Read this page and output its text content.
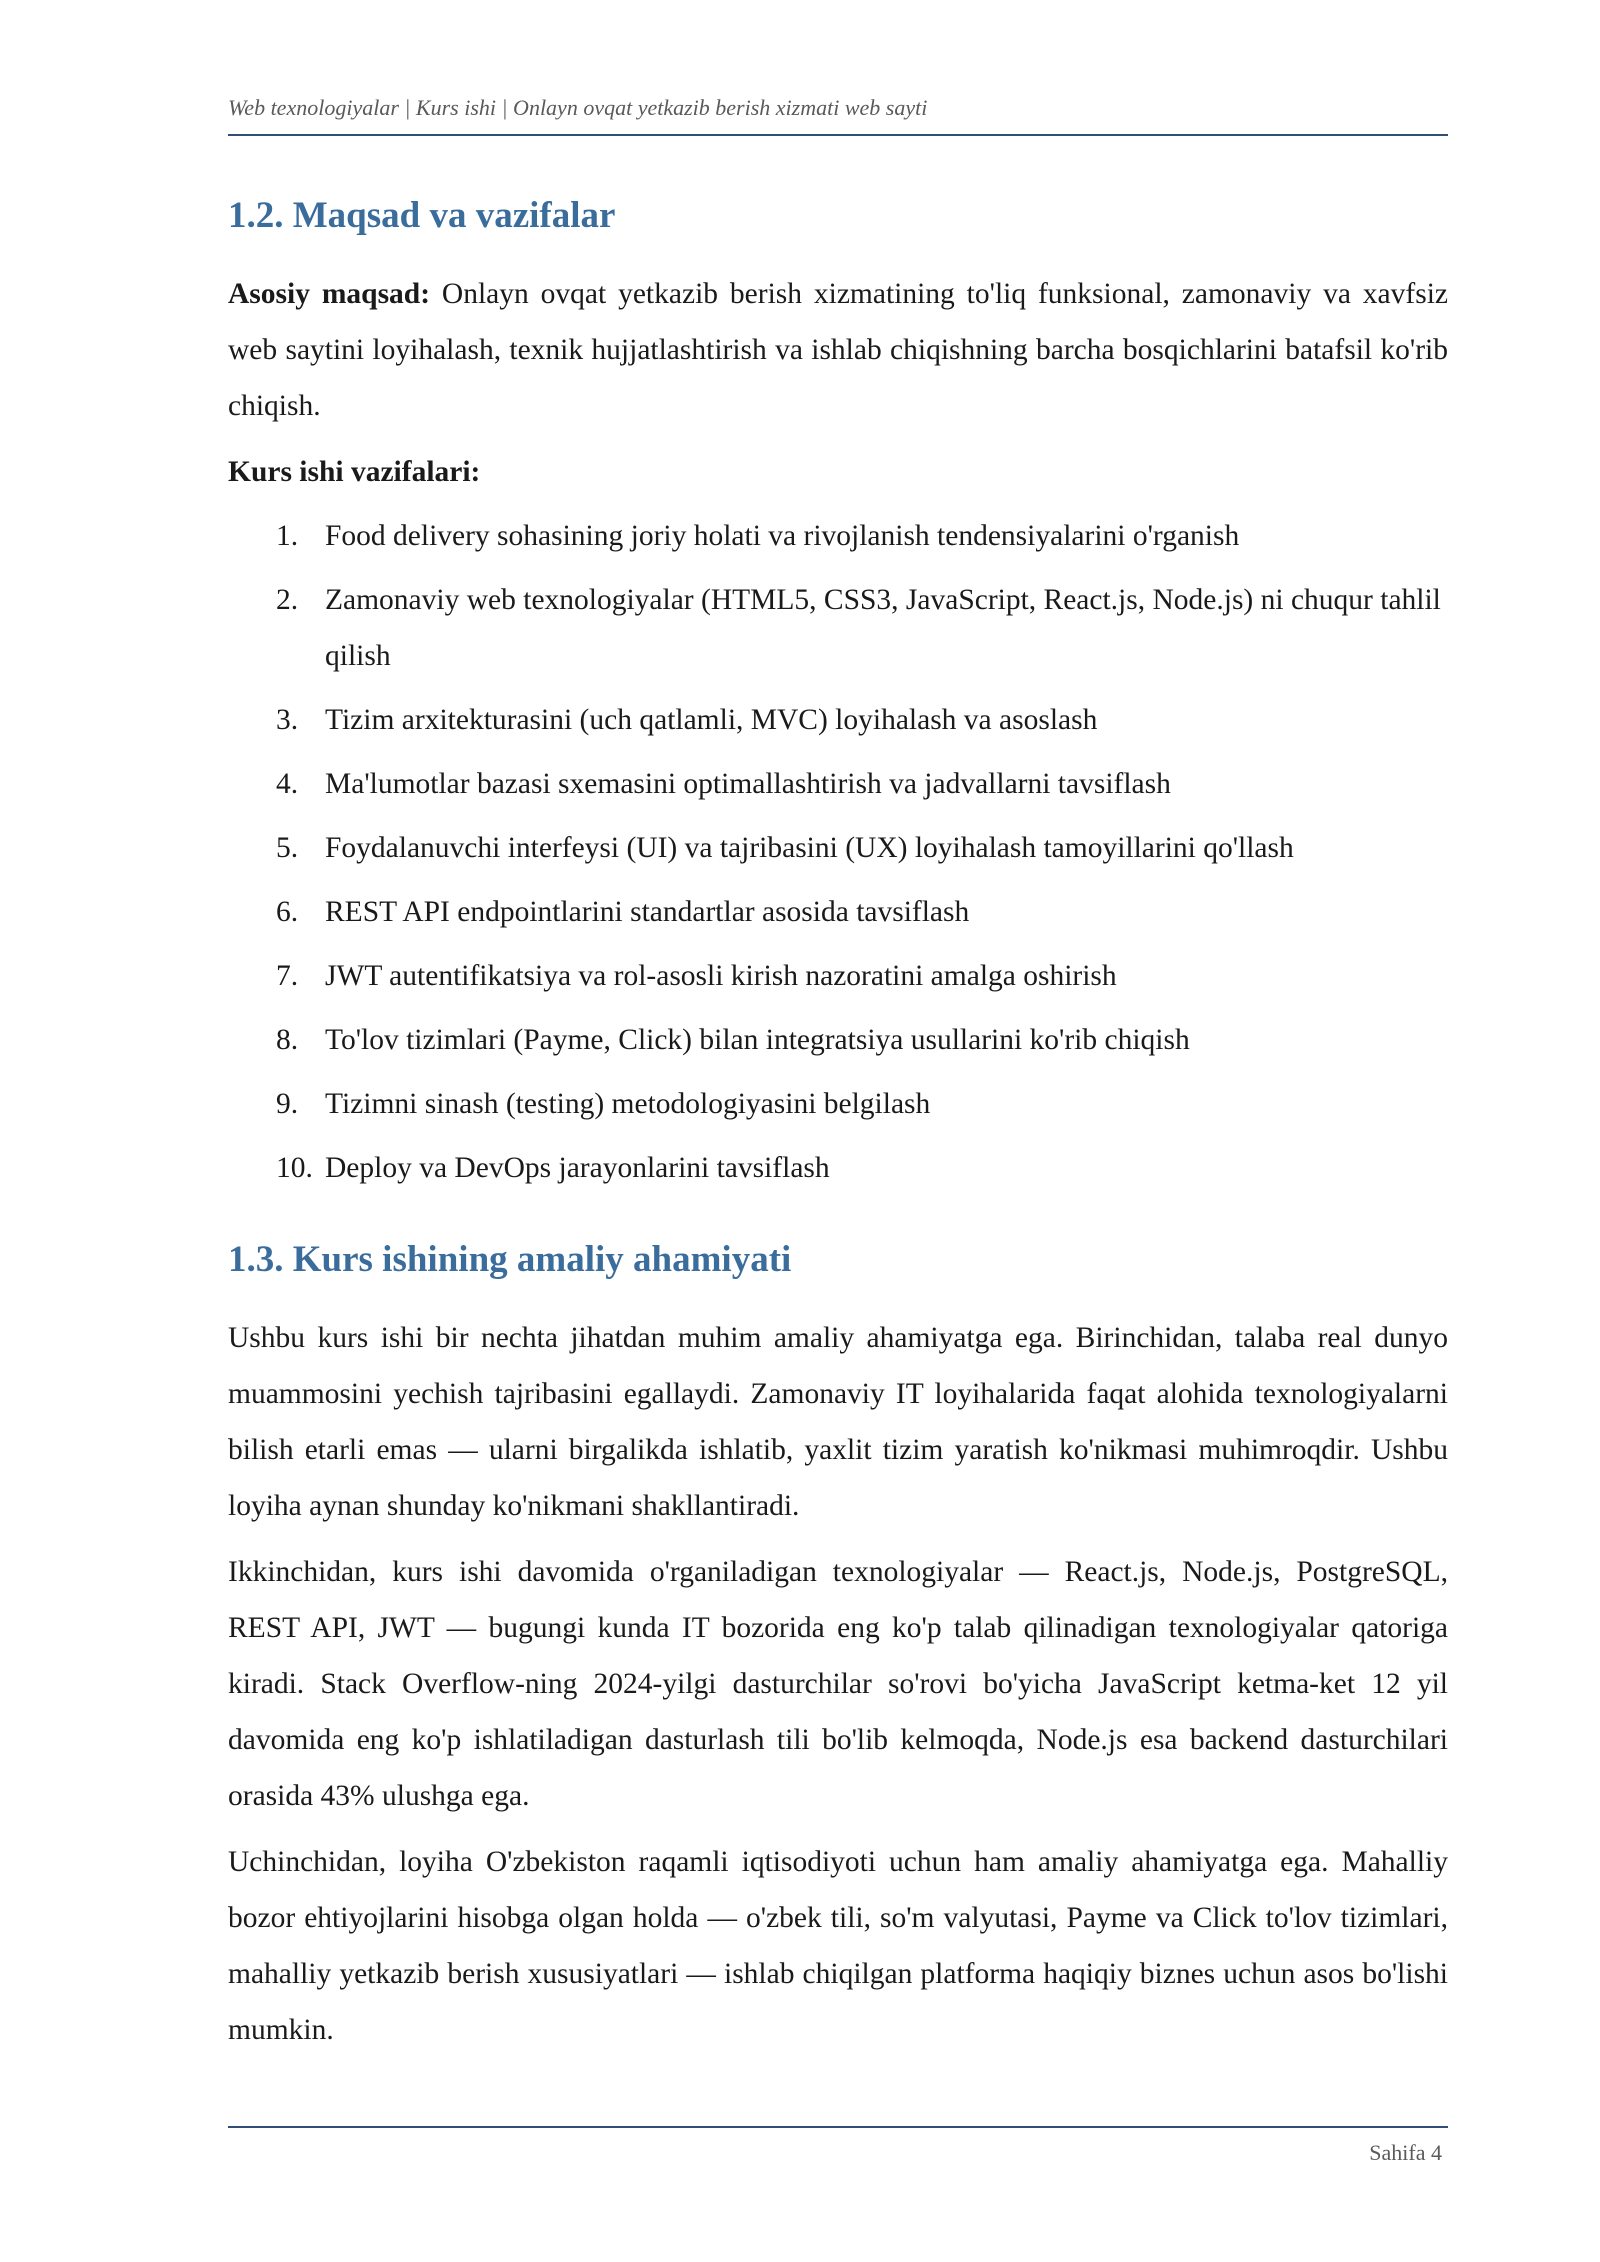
Web texnologiyalar | Kurs ishi | Onlayn ovqat yetkazib berish xizmati web sayti
1.2. Maqsad va vazifalar

Asosiy maqsad: Onlayn ovqat yetkazib berish xizmatining to'liq funksional, zamonaviy va xavfsiz web saytini loyihalash, texnik hujjatlashtirish va ishlab chiqishning barcha bosqichlarini batafsil ko'rib chiqish.

Kurs ishi vazifalari:
1. Food delivery sohasining joriy holati va rivojlanish tendensiyalarini o'rganish
2. Zamonaviy web texnologiyalar (HTML5, CSS3, JavaScript, React.js, Node.js) ni chuqur tahlil qilish
3. Tizim arxitekturasini (uch qatlamli, MVC) loyihalash va asoslash
4. Ma'lumotlar bazasi sxemasini optimallashtirish va jadvallarni tavsiflash
5. Foydalanuvchi interfeysi (UI) va tajribasini (UX) loyihalash tamoyillarini qo'llash
6. REST API endpointlarini standartlar asosida tavsiflash
7. JWT autentifikatsiya va rol-asosli kirish nazoratini amalga oshirish
8. To'lov tizimlari (Payme, Click) bilan integratsiya usullarini ko'rib chiqish
9. Tizimni sinash (testing) metodologiyasini belgilash
10. Deploy va DevOps jarayonlarini tavsiflash
1.3. Kurs ishining amaliy ahamiyati

Ushbu kurs ishi bir nechta jihatdan muhim amaliy ahamiyatga ega. Birinchidan, talaba real dunyo muammosini yechish tajribasini egallaydi. Zamonaviy IT loyihalarida faqat alohida texnologiyalarni bilish etarli emas — ularni birgalikda ishlatib, yaxlit tizim yaratish ko'nikmasi muhimroqdir. Ushbu loyiha aynan shunday ko'nikmani shakllantiradi.

Ikkinchidan, kurs ishi davomida o'rganiladigan texnologiyalar — React.js, Node.js, PostgreSQL, REST API, JWT — bugungi kunda IT bozorida eng ko'p talab qilinadigan texnologiyalar qatoriga kiradi. Stack Overflow-ning 2024-yilgi dasturchilar so'rovi bo'yicha JavaScript ketma-ket 12 yil davomida eng ko'p ishlatiladigan dasturlash tili bo'lib kelmoqda, Node.js esa backend dasturchilari orasida 43% ulushga ega.

Uchinchidan, loyiha O'zbekiston raqamli iqtisodiyoti uchun ham amaliy ahamiyatga ega. Mahalliy bozor ehtiyojlarini hisobga olgan holda — o'zbek tili, so'm valyutasi, Payme va Click to'lov tizimlari, mahalliy yetkazib berish xususiyatlari — ishlab chiqilgan platforma haqiqiy biznes uchun asos bo'lishi mumkin.

Sahifa 4
